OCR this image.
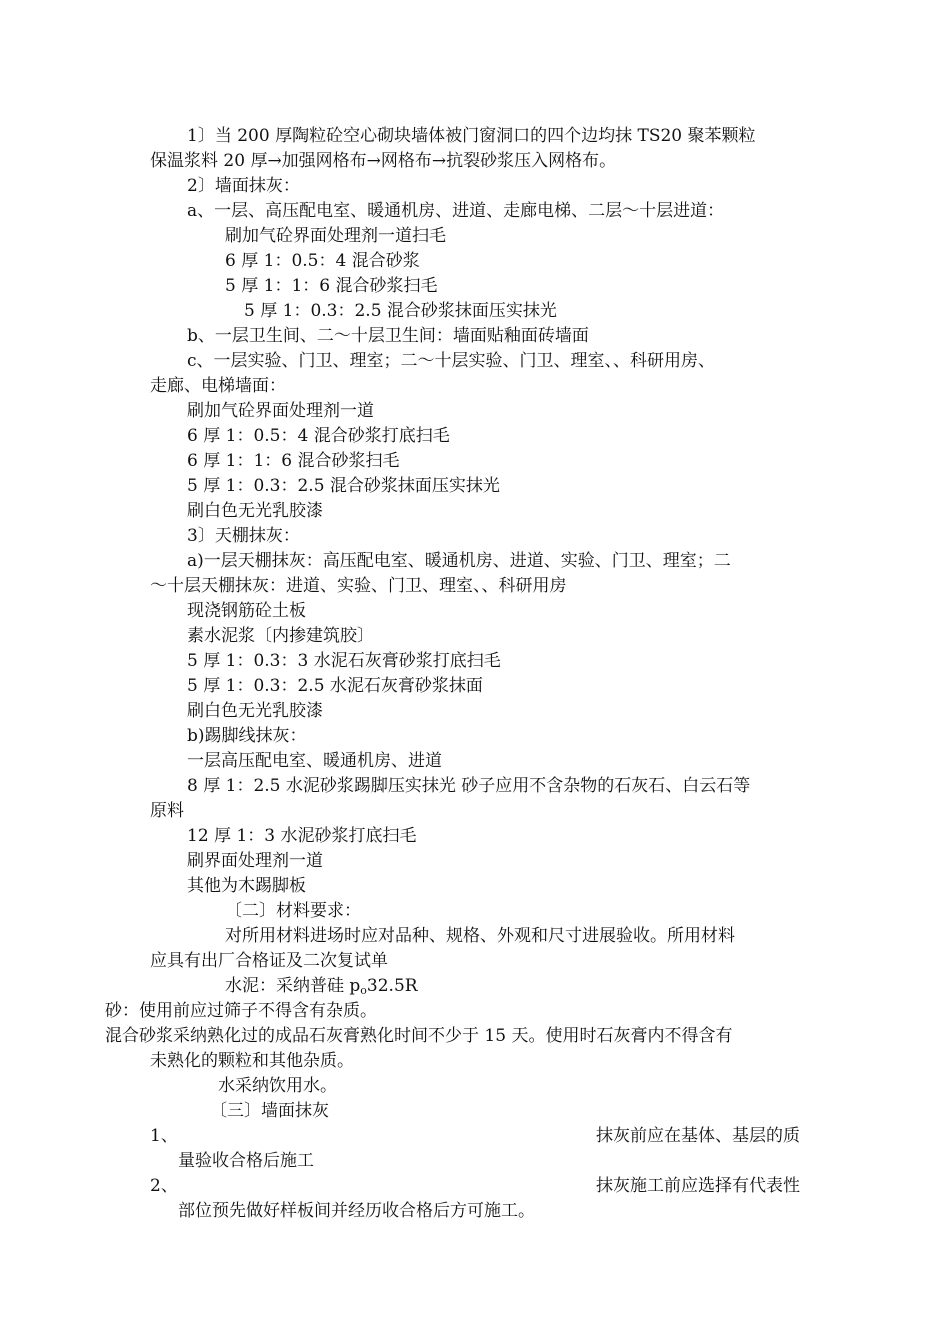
1〕当 200 厚陶粒砼空心砌块墙体被门窗洞口的四个边均抹 TS20 聚苯颗粒
保温浆料 20 厚→加强网格布→网格布→抗裂砂浆压入网格布。
2〕墙面抹灰：
a、一层、高压配电室、暖通机房、进道、走廊电梯、二层～十层进道：
刷加气砼界面处理剂一道扫毛
6 厚 1：0.5：4 混合砂浆
5 厚 1：1：6 混合砂浆扫毛
5 厚 1：0.3：2.5 混合砂浆抹面压实抹光
b、一层卫生间、二～十层卫生间：墙面贴釉面砖墙面
c、一层实验、门卫、理室；二～十层实验、门卫、理室、、科研用房、
走廊、电梯墙面：
刷加气砼界面处理剂一道
6 厚 1：0.5：4 混合砂浆打底扫毛
6 厚 1：1：6 混合砂浆扫毛
5 厚 1：0.3：2.5 混合砂浆抹面压实抹光
刷白色无光乳胶漆
3〕天棚抹灰：
a)一层天棚抹灰：高压配电室、暖通机房、进道、实验、门卫、理室；二
～十层天棚抹灰：进道、实验、门卫、理室、、科研用房
现浇钢筋砼土板
素水泥浆〔内掺建筑胶〕
5 厚 1：0.3：3 水泥石灰膏砂浆打底扫毛
5 厚 1：0.3：2.5 水泥石灰膏砂浆抹面
刷白色无光乳胶漆
b)踢脚线抹灰：
一层高压配电室、暖通机房、进道
8 厚 1：2.5 水泥砂浆踢脚压实抹光 砂子应用不含杂物的石灰石、白云石等
原料
12 厚 1：3 水泥砂浆打底扫毛
刷界面处理剂一道
其他为木踢脚板
〔二〕材料要求：
对所用材料进场时应对品种、规格、外观和尺寸进展验收。所用材料
应具有出厂合格证及二次复试单
水泥：采纳普硅 $p_o32.5R$
砂：使用前应过筛子不得含有杂质。
混合砂浆采纳熟化过的成品石灰膏熟化时间不少于 15 天。使用时石灰膏内不得含有
未熟化的颗粒和其他杂质。
水采纳饮用水。
〔三〕墙面抹灰
1、	抹灰前应在基体、基层的质
量验收合格后施工
2、	抹灰施工前应选择有代表性
部位预先做好样板间并经历收合格后方可施工。
